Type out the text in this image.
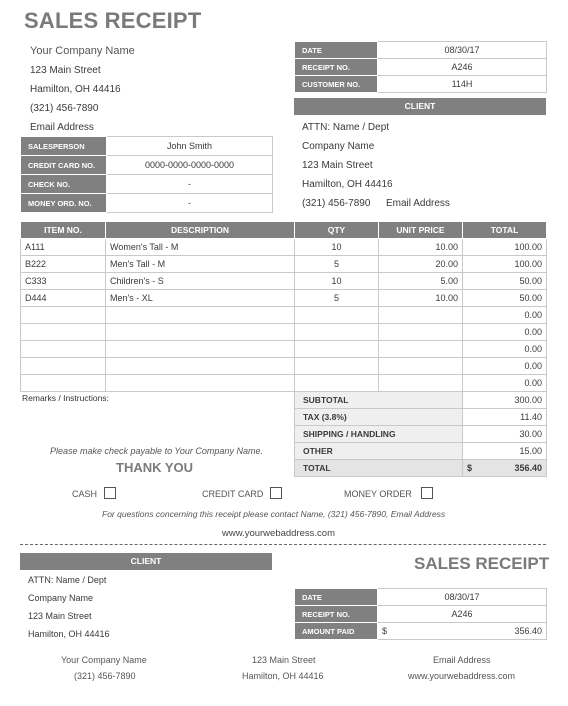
SALES RECEIPT
Your Company Name
123 Main Street
Hamilton, OH 44416
(321) 456-7890
Email Address
DATE	08/30/17
RECEIPT NO.	A246
CUSTOMER NO.	114H
CLIENT
ATTN: Name / Dept
Company Name
123 Main Street
Hamilton, OH 44416
(321) 456-7890 Email Address
SALESPERSON	John Smith
CREDIT CARD NO.	0000-0000-0000-0000
CHECK NO.	-
MONEY ORD. NO.	-
ITEM NO.	DESCRIPTION	QTY	UNIT PRICE	TOTAL
A111	Women's Tall - M	10	10.00	100.00
B222	Men's Tall - M	5	20.00	100.00
C333	Children's - S	10	5.00	50.00
D444	Men's - XL	5	10.00	50.00
				0.00
				0.00
				0.00
				0.00
				0.00
Remarks / Instructions:	SUBTOTAL	300.00
TAX (3.8%)	11.40
SHIPPING / HANDLING	30.00
OTHER	15.00
TOTAL	$ 356.40
Please make check payable to Your Company Name.
THANK YOU
CASH	CREDIT CARD	MONEY ORDER
For questions concerning this receipt please contact Name, (321) 456-7890, Email Address
www.yourwebaddress.com
CLIENT
ATTN: Name / Dept
Company Name
123 Main Street
Hamilton, OH 44416
SALES RECEIPT
DATE	08/30/17
RECEIPT NO.	A246
AMOUNT PAID	$ 356.40
Your Company Name
(321) 456-7890
123 Main Street
Hamilton, OH 44416
Email Address
www.yourwebaddress.com
